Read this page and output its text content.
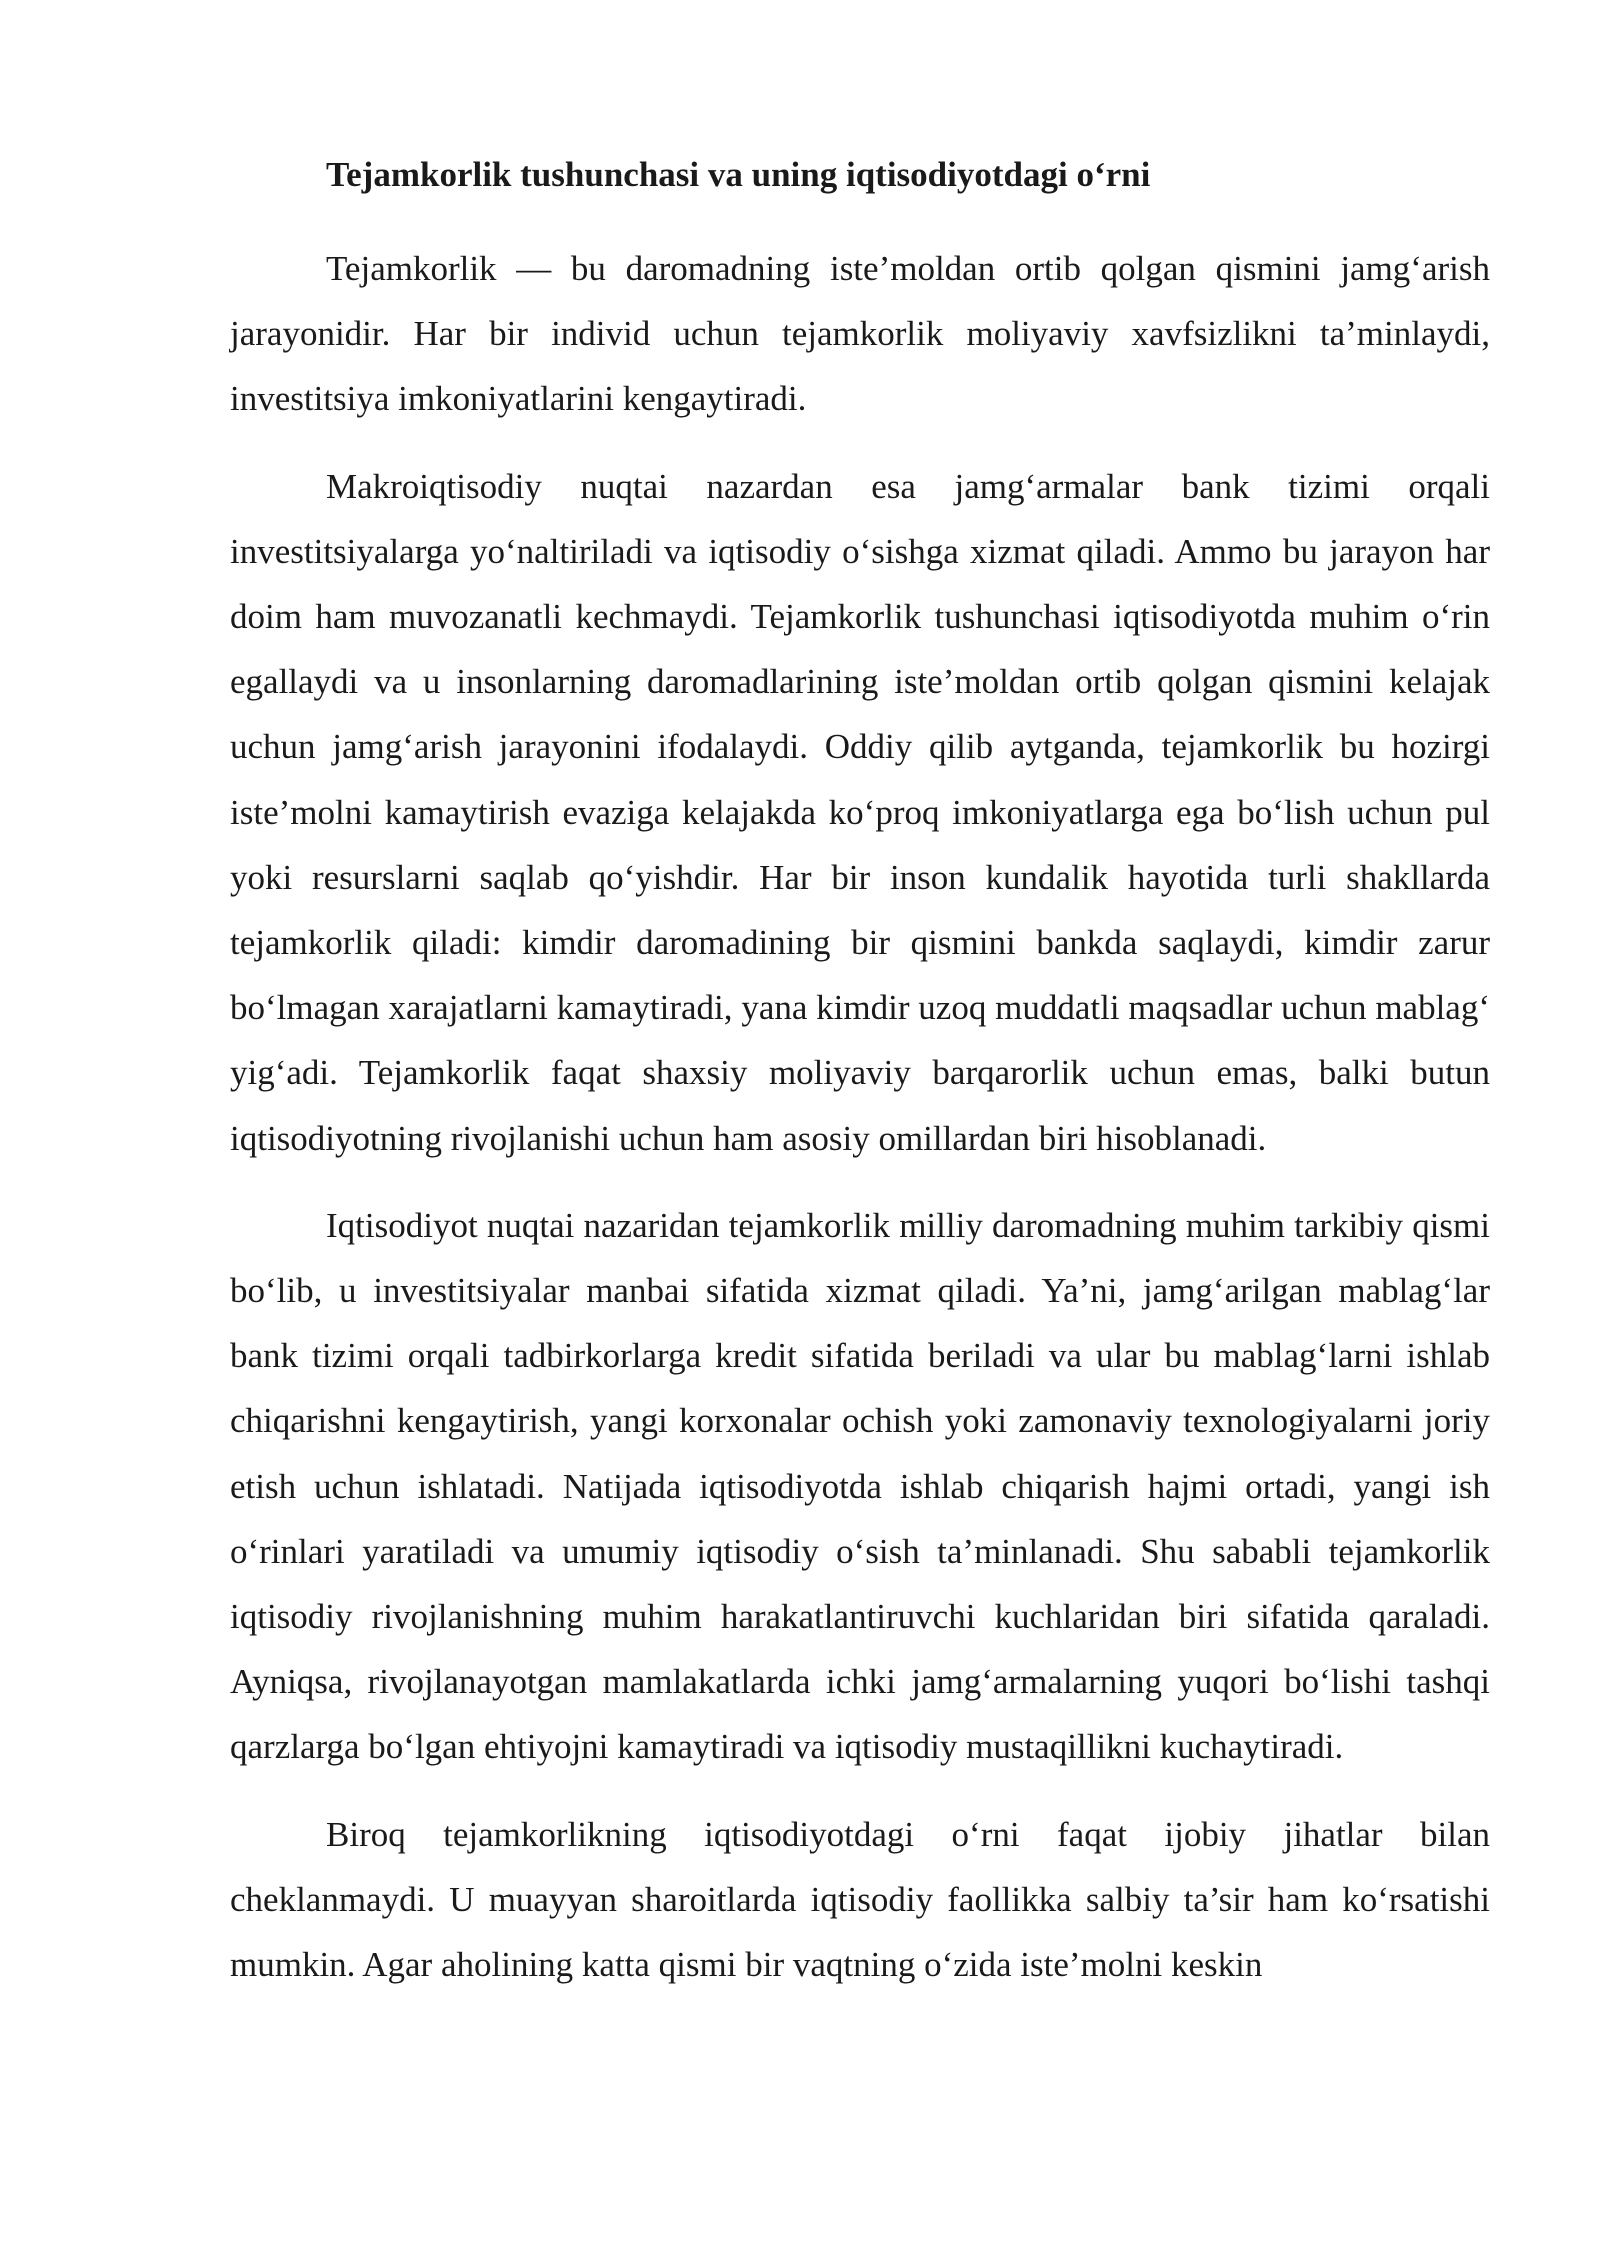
Tejamkorlik tushunchasi va uning iqtisodiyotdagi o‘rni

Tejamkorlik — bu daromadning iste’moldan ortib qolgan qismini jamg‘arish jarayonidir. Har bir individ uchun tejamkorlik moliyaviy xavfsizlikni ta’minlaydi, investitsiya imkoniyatlarini kengaytiradi.

Makroiqtisodiy nuqtai nazardan esa jamg‘armalar bank tizimi orqali investitsiyalarga yo‘naltiriladi va iqtisodiy o‘sishga xizmat qiladi. Ammo bu jarayon har doim ham muvozanatli kechmaydi. Tejamkorlik tushunchasi iqtisodiyotda muhim o‘rin egallaydi va u insonlarning daromadlarining iste’moldan ortib qolgan qismini kelajak uchun jamg‘arish jarayonini ifodalaydi. Oddiy qilib aytganda, tejamkorlik bu hozirgi iste’molni kamaytirish evaziga kelajakda ko‘proq imkoniyatlarga ega bo‘lish uchun pul yoki resurslarni saqlab qo‘yishdir. Har bir inson kundalik hayotida turli shakllarda tejamkorlik qiladi: kimdir daromadining bir qismini bankda saqlaydi, kimdir zarur bo‘lmagan xarajatlarni kamaytiradi, yana kimdir uzoq muddatli maqsadlar uchun mablag‘ yig‘adi. Tejamkorlik faqat shaxsiy moliyaviy barqarorlik uchun emas, balki butun iqtisodiyotning rivojlanishi uchun ham asosiy omillardan biri hisoblanadi.

Iqtisodiyot nuqtai nazaridan tejamkorlik milliy daromadning muhim tarkibiy qismi bo‘lib, u investitsiyalar manbai sifatida xizmat qiladi. Ya’ni, jamg‘arilgan mablag‘lar bank tizimi orqali tadbirkorlarga kredit sifatida beriladi va ular bu mablag‘larni ishlab chiqarishni kengaytirish, yangi korxonalar ochish yoki zamonaviy texnologiyalarni joriy etish uchun ishlatadi. Natijada iqtisodiyotda ishlab chiqarish hajmi ortadi, yangi ish o‘rinlari yaratiladi va umumiy iqtisodiy o‘sish ta’minlanadi. Shu sababli tejamkorlik iqtisodiy rivojlanishning muhim harakatlantiruvchi kuchlaridan biri sifatida qaraladi. Ayniqsa, rivojlanayotgan mamlakatlarda ichki jamg‘armalarning yuqori bo‘lishi tashqi qarzlarga bo‘lgan ehtiyojni kamaytiradi va iqtisodiy mustaqillikni kuchaytiradi.

Biroq tejamkorlikning iqtisodiyotdagi o‘rni faqat ijobiy jihatlar bilan cheklanmaydi. U muayyan sharoitlarda iqtisodiy faollikka salbiy ta’sir ham ko‘rsatishi mumkin. Agar aholining katta qismi bir vaqtning o‘zida iste’molni keskin
